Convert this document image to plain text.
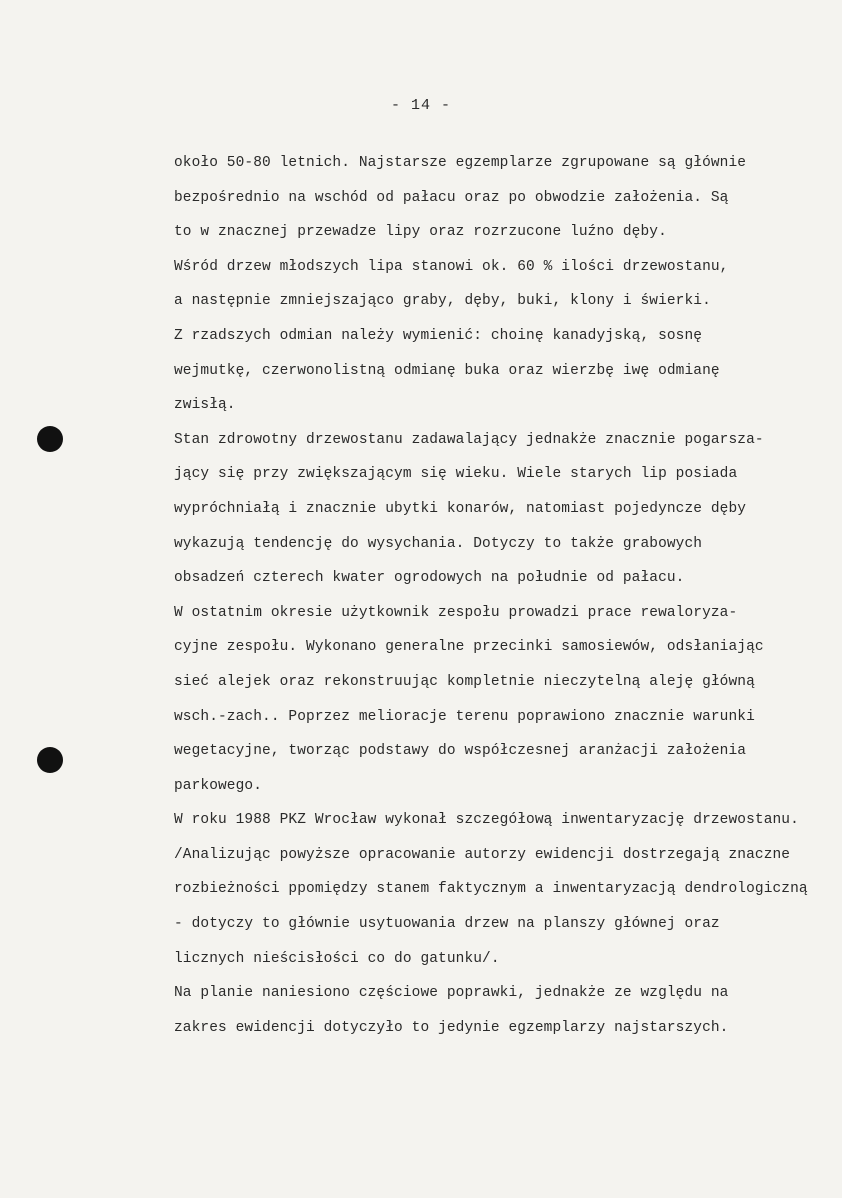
- 14 -
około 50-80 letnich. Najstarsze egzemplarze zgrupowane są głównie
bezpośrednio na wschód od pałacu oraz po obwodzie założenia. Są
to w znacznej przewadze lipy oraz rozrzucone luźno dęby.
Wśród drzew młodszych lipa stanowi ok. 60 % ilości drzewostanu,
a następnie zmniejszająco graby, dęby, buki, klony i świerki.
Z rzadszych odmian należy wymienić: choinę kanadyjską, sosnę
wejmutkę, czerwonolistną odmianę buka oraz wierzbę iwę odmianę
zwisłą.
Stan zdrowotny drzewostanu zadawalający jednakże znacznie pogarsza-
jący się przy zwiększającym się wieku. Wiele starych lip posiada
wypróchniałą i znacznie ubytki konarów, natomiast pojedyncze dęby
wykazują tendencję do wysychania. Dotyczy to także grabowych
obsadzeń czterech kwater ogrodowych na południe od pałacu.
W ostatnim okresie użytkownik zespołu prowadzi prace rewaloryza-
cyjne zespołu. Wykonano generalne przecinki samosiewów, odsłaniając
sieć alejek oraz rekonstruując kompletnie nieczytelną aleję główną
wsch.-zach.. Poprzez melioracje terenu poprawiono znacznie warunki
wegetacyjne, tworząc podstawy do współczesnej aranżacji założenia
parkowego.
W roku 1988 PKZ Wrocław wykonał szczegółową inwentaryzację drzewostanu.
/Analizując powyższe opracowanie autorzy ewidencji dostrzegają znaczne
rozbieżności ppomiędzy stanem faktycznym a inwentaryzacją dendrologiczną
- dotyczy to głównie usytuowania drzew na planszy głównej oraz
licznych nieścisłości co do gatunku/.
Na planie naniesiono częściowe poprawki, jednakże ze względu na
zakres ewidencji dotyczyło to jedynie egzemplarzy najstarszych.
